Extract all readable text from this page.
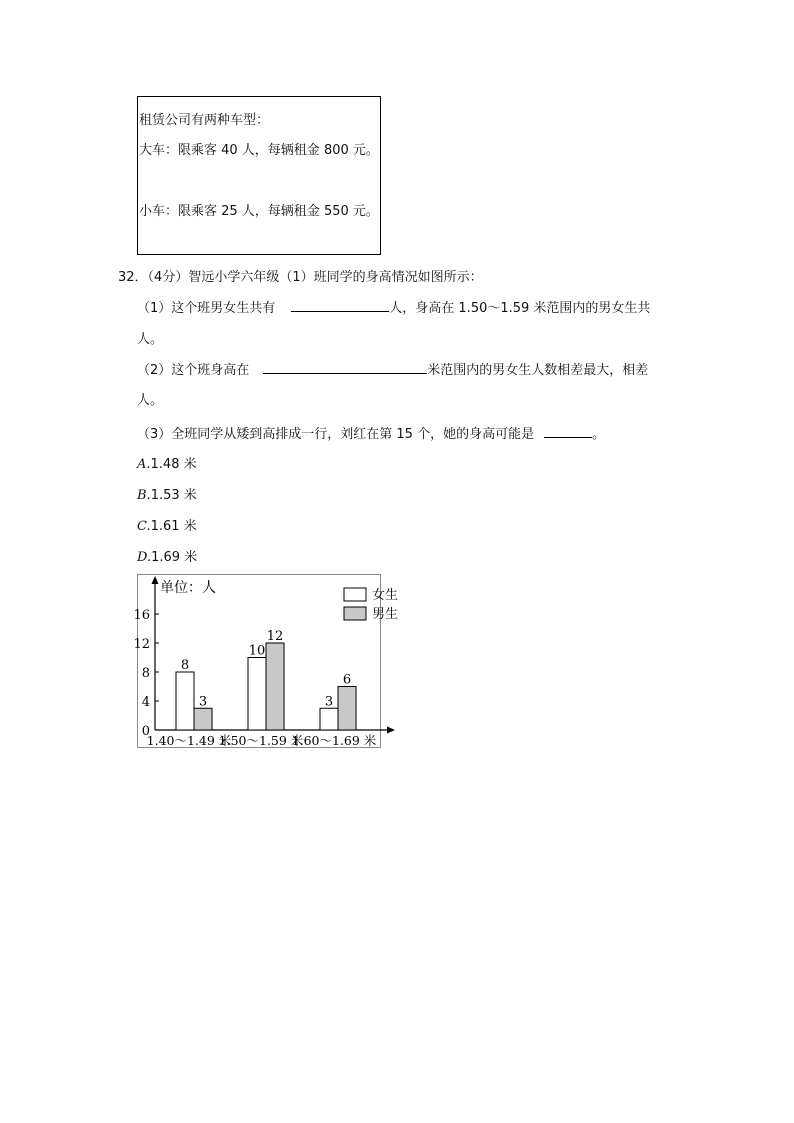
租赁公司有两种车型：
大车：限乘客 40 人，每辆租金 800 元。
小车：限乘客 25 人，每辆租金 550 元。
32．（4分）智远小学六年级（1）班同学的身高情况如图所示：
（1）这个班男女生共有	人，身高在 1.50～1.59 米范围内的男女生共
人。
（2）这个班身高在	米范围内的男女生人数相差最大，相差
人。
（3）全班同学从矮到高排成一行，刘红在第 15 个，她的身高可能是	。
A.1.48 米
B.1.53 米
C.1.61 米
D.1.69 米
单位：人
0
4
8
12
16
8
10
3
3
12
6
1.40～1.49 米
1.50～1.59 米
1.60～1.69 米
女生
男生
